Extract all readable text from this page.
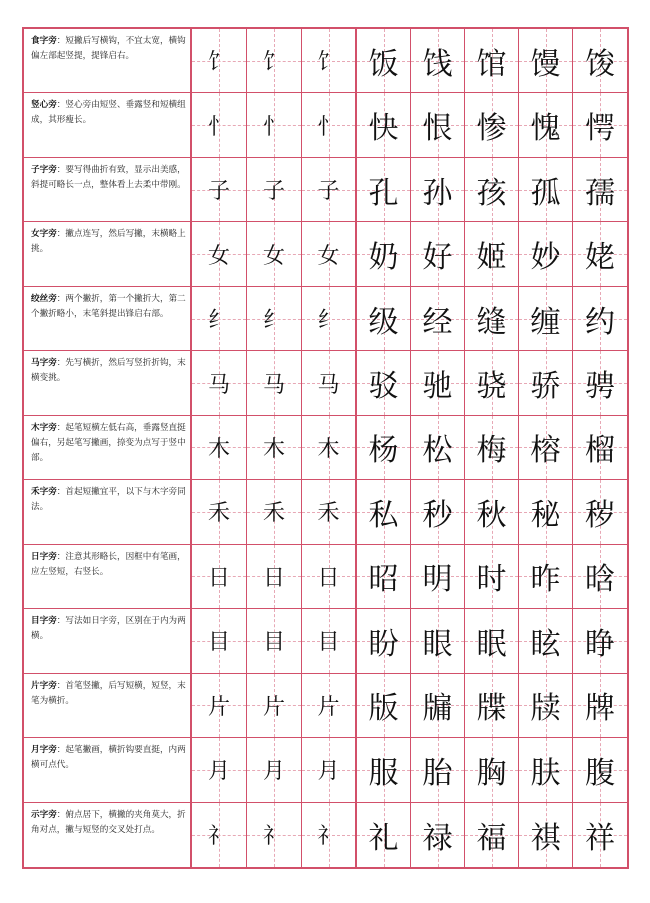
食字旁：短撇后写横钩，不宜太宽，横钩偏左部起竖提，提锋启右。	饣 饣 饣 饭 饯 馆 馒 馂
竖心旁：竖心旁由短竖、垂露竖和短横组成，其形瘦长。	忄 忄 忄 快 恨 惨 愧 愕
子字旁：要写得曲折有致，显示出美感，斜提可略长一点，整体看上去柔中带刚。 子 子 子 孔 孙 孩 孤 孺
女字旁：撇点连写，然后写撇，末横略上挑。	女 女 女 奶 好 姬 妙 姥
绞丝旁：两个撇折，第一个撇折大，第二个撇折略小，末笔斜提出锋启右部。	纟 纟 纟 级 经 缝 缠 约
马字旁：先写横折，然后写竖折折钩，末横变挑。	马 马 马 驳 驰 骁 骄 骋
木字旁：起笔短横左低右高，垂露竖直挺偏右，另起笔写撇画，捺变为点写于竖中部。	木 木 木 杨 松 梅 榕 榴
禾字旁：首起短撇宜平，以下与木字旁同法。	禾 禾 禾 私 秒 秋 秘 秽
日字旁：注意其形略长，因框中有笔画，应左竖短，右竖长。	日 日 日 昭 明 时 昨 晗
目字旁：写法如日字旁，区别在于内为两横。	目 目 目 盼 眼 眠 眩 睁
片字旁：首笔竖撇，后写短横，短竖，末笔为横折。	片 片 片 版 牖 牒 牍 牌
月字旁：起笔撇画，横折钩要直挺，内两横可点代。	月 月 月 服 胎 胸 肤 腹
示字旁：俯点居下，横撇的夹角莫大，折角对点，撇与短竖的交叉处打点。	礻 礻 礻 礼 禄 福 祺 祥
